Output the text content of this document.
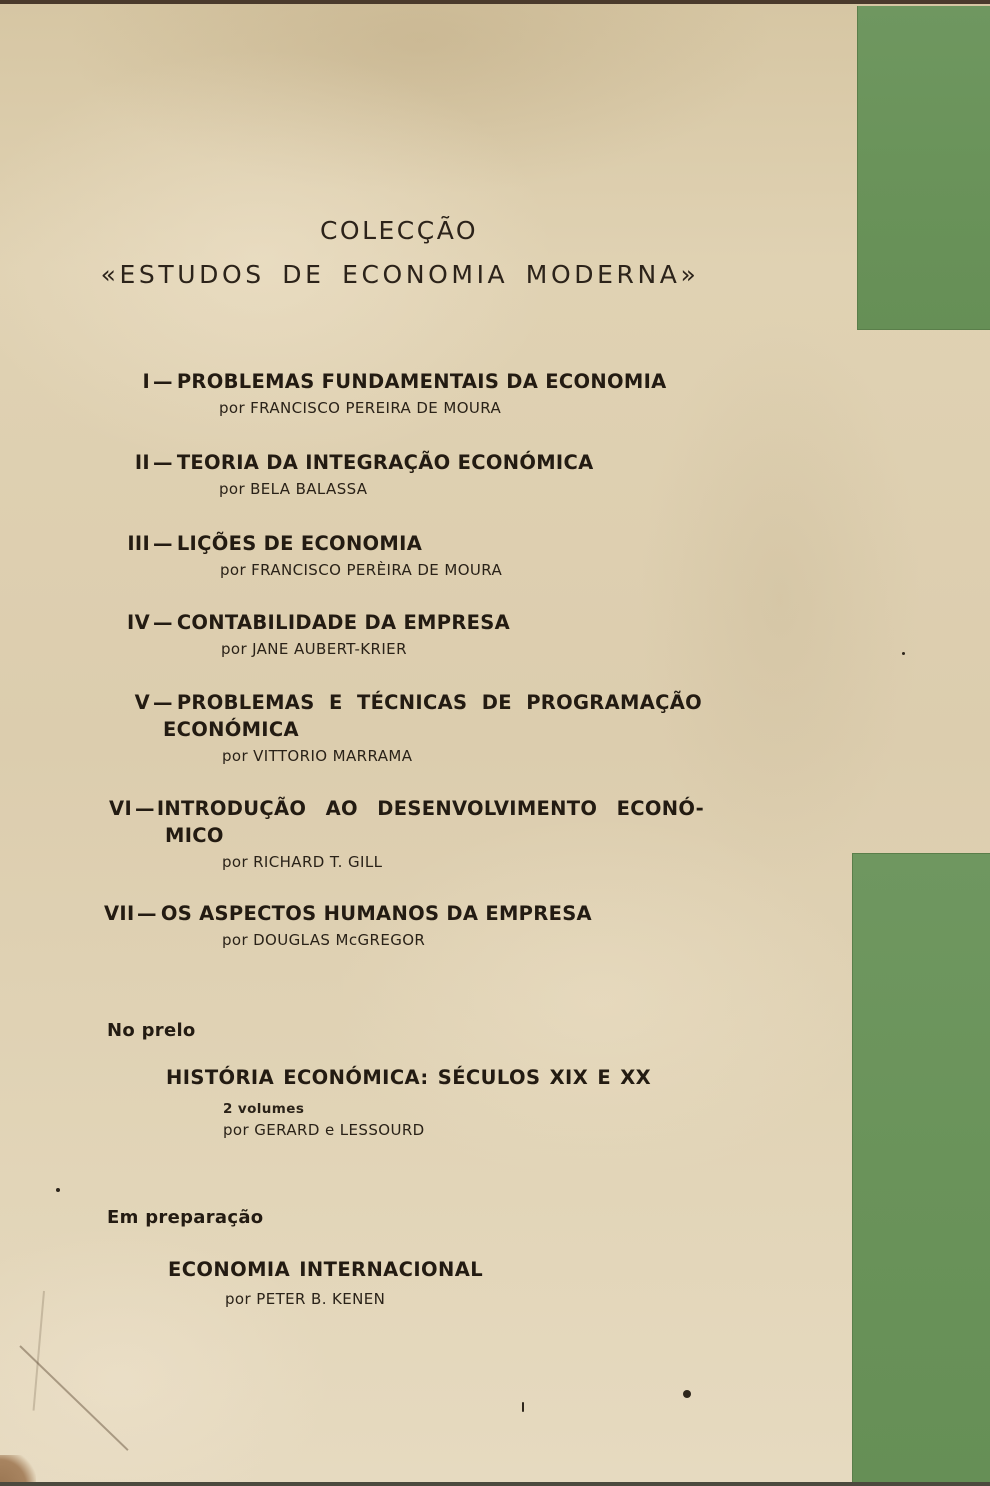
COLECÇÃO
«ESTUDOS DE ECONOMIA MODERNA»
I — PROBLEMAS FUNDAMENTAIS DA ECONOMIA
por FRANCISCO PEREIRA DE MOURA
II — TEORIA DA INTEGRAÇÃO ECONÓMICA
por BELA BALASSA
III — LIÇÕES DE ECONOMIA
por FRANCISCO PERÈIRA DE MOURA
IV — CONTABILIDADE DA EMPRESA
por JANE AUBERT-KRIER
V — PROBLEMAS E TÉCNICAS DE PROGRAMAÇÃO
ECONÓMICA
por VITTORIO MARRAMA
VI — INTRODUÇÃO AO DESENVOLVIMENTO ECONÓ-
MICO
por RICHARD T. GILL
VII — OS ASPECTOS HUMANOS DA EMPRESA
por DOUGLAS McGREGOR
No prelo
HISTÓRIA ECONÓMICA: SÉCULOS XIX E XX
2 volumes
por GERARD e LESSOURD
Em preparação
ECONOMIA INTERNACIONAL
por PETER B. KENEN
